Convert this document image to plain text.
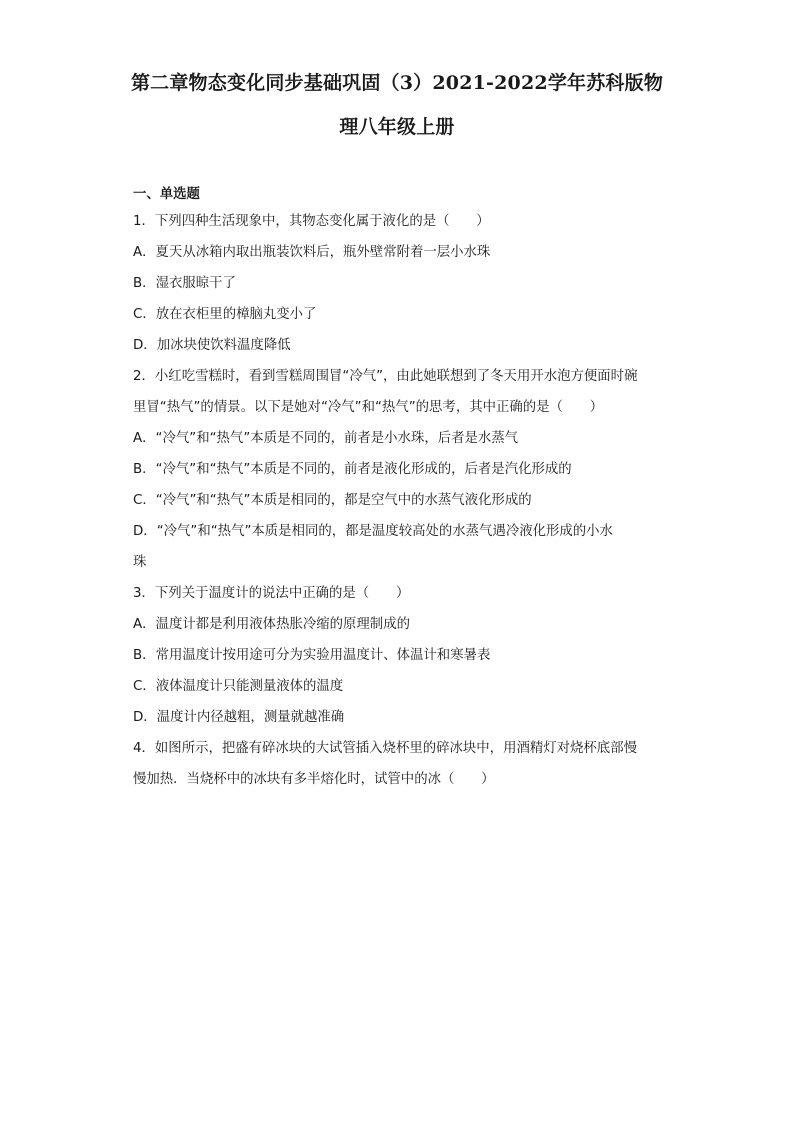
第二章物态变化同步基础巩固（3）2021-2022学年苏科版物
理八年级上册
一、单选题
1．下列四种生活现象中，其物态变化属于液化的是（　　）
A．夏天从冰箱内取出瓶装饮料后，瓶外壁常附着一层小水珠
B．湿衣服晾干了
C．放在衣柜里的樟脑丸变小了
D．加冰块使饮料温度降低
2．小红吃雪糕时，看到雪糕周围冒“冷气”，由此她联想到了冬天用开水泡方便面时碗
里冒“热气”的情景。以下是她对“冷气”和“热气”的思考，其中正确的是（　　）
A．“冷气”和“热气”本质是不同的，前者是小水珠，后者是水蒸气
B．“冷气”和“热气”本质是不同的，前者是液化形成的，后者是汽化形成的
C．“冷气”和“热气”本质是相同的，都是空气中的水蒸气液化形成的
D．“冷气”和“热气”本质是相同的，都是温度较高处的水蒸气遇冷液化形成的小水
珠
3．下列关于温度计的说法中正确的是（　　）
A．温度计都是利用液体热胀冷缩的原理制成的
B．常用温度计按用途可分为实验用温度计、体温计和寒暑表
C．液体温度计只能测量液体的温度
D．温度计内径越粗，测量就越准确
4．如图所示，把盛有碎冰块的大试管插入烧杯里的碎冰块中，用酒精灯对烧杯底部慢
慢加热．当烧杯中的冰块有多半熔化时，试管中的冰（　　）
